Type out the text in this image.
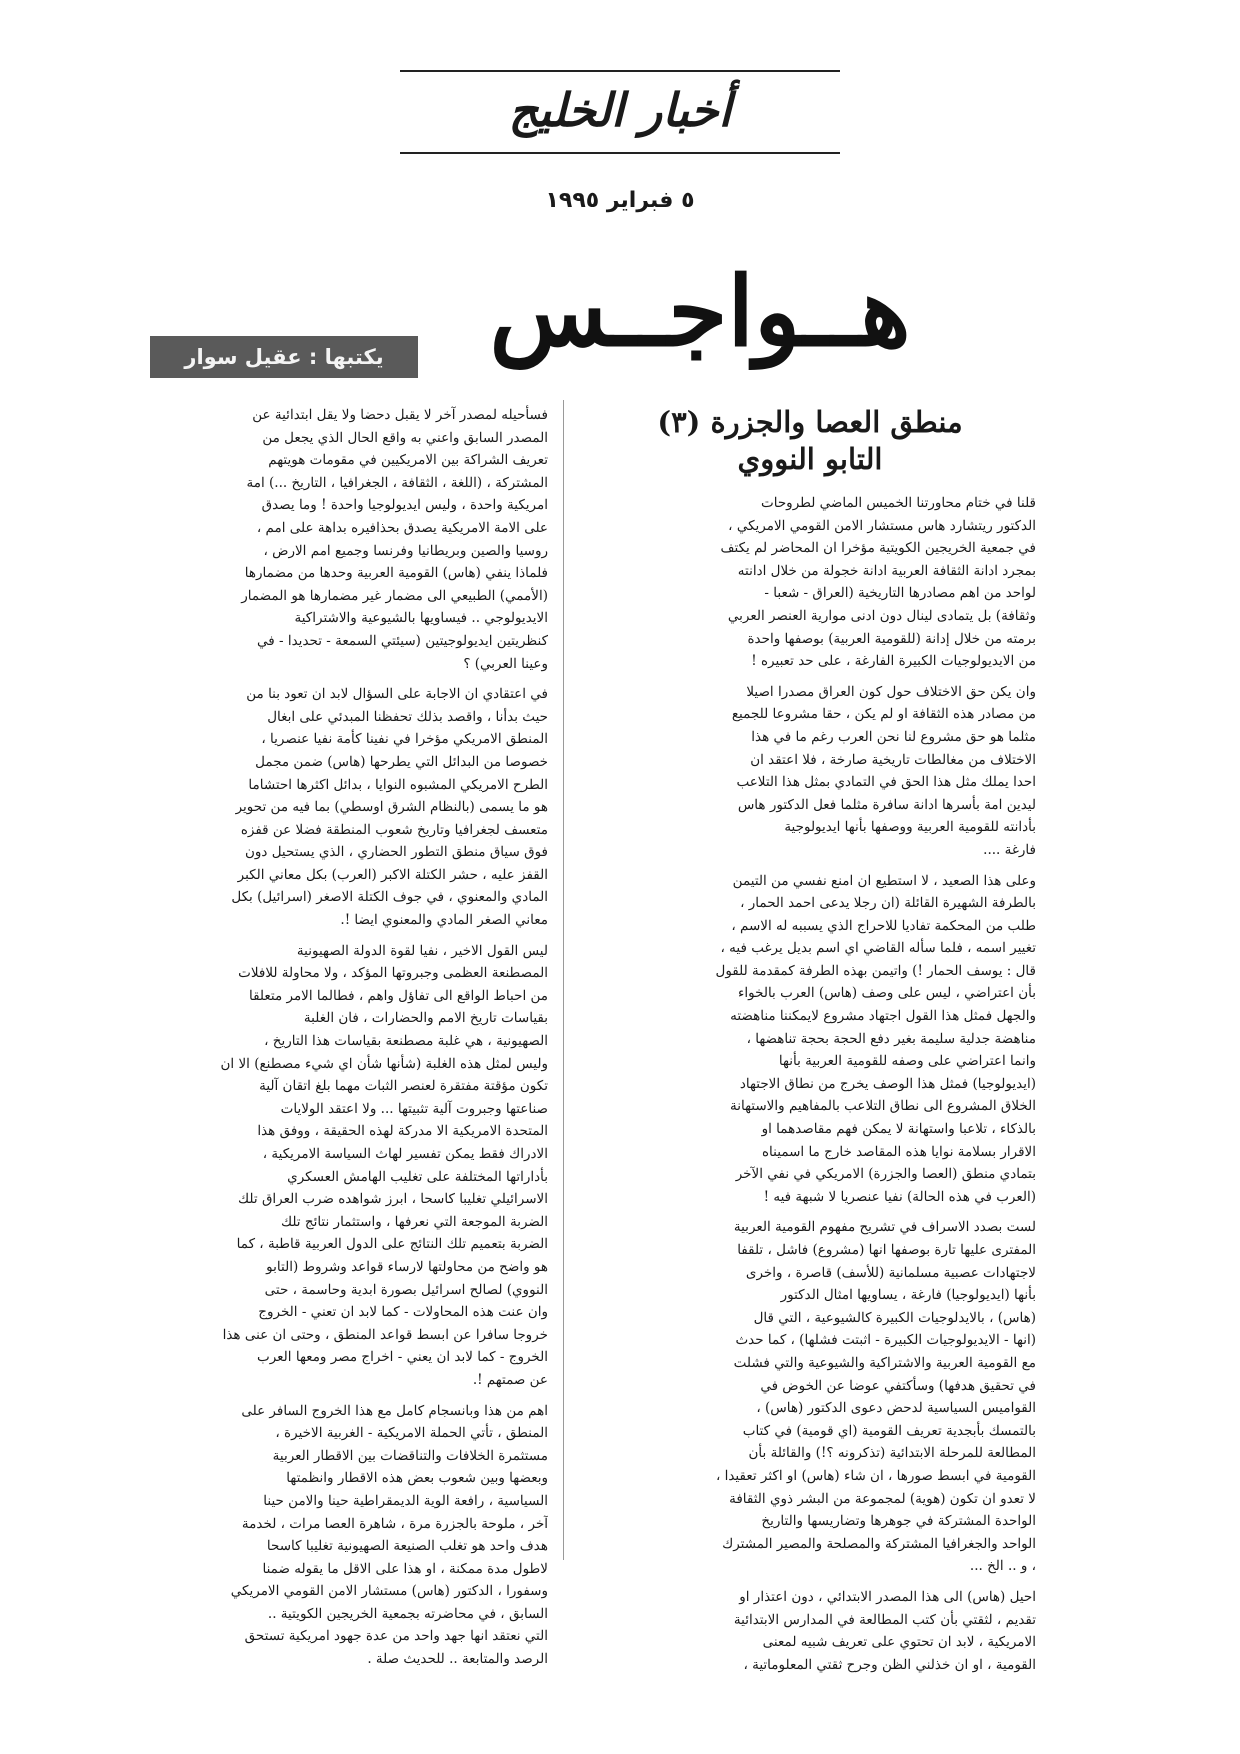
أخبار الخليج
٥ فبراير ١٩٩٥
هــواجــس
يكتبها : عقيل سوار
منطق العصا والجزرة (٣)
التابو النووي
قلنا في ختام محاورتنا الخميس الماضي لطروحات
الدكتور ريتشارد هاس مستشار الامن القومي الامريكي ،
في جمعية الخريجين الكويتية مؤخرا ان المحاضر لم يكتف
بمجرد ادانة الثقافة العربية ادانة خجولة من خلال ادانته
لواحد من اهم مصادرها التاريخية (العراق - شعبا -
وثقافة) بل يتمادى لينال دون ادنى موارية العنصر العربي
برمته من خلال إدانة (للقومية العربية) بوصفها واحدة
من الايديولوجيات الكبيرة الفارغة ، على حد تعبيره !
وان يكن حق الاختلاف حول كون العراق مصدرا اصيلا
من مصادر هذه الثقافة او لم يكن ، حقا مشروعا للجميع
مثلما هو حق مشروع لنا نحن العرب رغم ما في هذا
الاختلاف من مغالطات تاريخية صارخة ، فلا اعتقد ان
احدا يملك مثل هذا الحق في التمادي بمثل هذا التلاعب
ليدين امة بأسرها ادانة سافرة مثلما فعل الدكتور هاس
بأدانته للقومية العربية ووصفها بأنها ايديولوجية
فارغة ....
وعلى هذا الصعيد ، لا استطيع ان امنع نفسي من التيمن
بالطرفة الشهيرة القائلة (ان رجلا يدعى احمد الحمار ،
طلب من المحكمة تفاديا للاحراج الذي يسببه له الاسم ،
تغيير اسمه ، فلما سأله القاضي اي اسم بديل يرغب فيه ،
قال : يوسف الحمار !) واتيمن بهذه الطرفة كمقدمة للقول
بأن اعتراضي ، ليس على وصف (هاس) العرب بالخواء
والجهل فمثل هذا القول اجتهاد مشروع لايمكننا مناهضته
مناهضة جدلية سليمة بغير دفع الحجة بحجة تناهضها ،
وانما اعتراضي على وصفه للقومية العربية بأنها
(ايديولوجيا) فمثل هذا الوصف يخرج من نطاق الاجتهاد
الخلاق المشروع الى نطاق التلاعب بالمفاهيم والاستهانة
بالذكاء ، تلاعبا واستهانة لا يمكن فهم مقاصدهما او
الاقرار بسلامة نوايا هذه المقاصد خارج ما اسميناه
بتمادي منطق (العصا والجزرة) الامريكي في نفي الآخر
(العرب في هذه الحالة) نفيا عنصريا لا شبهة فيه !
لست بصدد الاسراف في تشريح مفهوم القومية العربية
المفترى عليها تارة بوصفها انها (مشروع) فاشل ، تلقفا
لاجتهادات عصبية مسلمانية (للأسف) قاصرة ، واخرى
بأنها (ايديولوجيا) فارغة ، يساويها امثال الدكتور
(هاس) ، بالايدلوجيات الكبيرة كالشيوعية ، التي قال
(انها - الايديولوجيات الكبيرة - اثبتت فشلها) ، كما حدث
مع القومية العربية والاشتراكية والشيوعية والتي فشلت
في تحقيق هدفها) وسأكتفي عوضا عن الخوض في
القواميس السياسية لدحض دعوى الدكتور (هاس) ،
بالتمسك بأبجدية تعريف القومية (اي قومية) في كتاب
المطالعة للمرحلة الابتدائية (تذكرونه ؟!) والقائلة بأن
القومية في ابسط صورها ، ان شاء (هاس) او اكثر تعقيدا ،
لا تعدو ان تكون (هوية) لمجموعة من البشر ذوي الثقافة
الواحدة المشتركة في جوهرها وتضاريسها والتاريخ
الواحد والجغرافيا المشتركة والمصلحة والمصير المشترك
، و .. الخ ...
احيل (هاس) الى هذا المصدر الابتدائي ، دون اعتذار او
تقديم ، لثقتي بأن كتب المطالعة في المدارس الابتدائية
الامريكية ، لابد ان تحتوي على تعريف شبيه لمعنى
القومية ، او ان خذلني الظن وجرح ثقتي المعلوماتية ،
فسأحيله لمصدر آخر لا يقبل دحضا ولا يقل ابتدائية عن
المصدر السابق واعني به واقع الحال الذي يجعل من
تعريف الشراكة بين الامريكيين في مقومات هويتهم
المشتركة ، (اللغة ، الثقافة ، الجغرافيا ، التاريخ ...) امة
امريكية واحدة ، وليس ايديولوجيا واحدة ! وما يصدق
على الامة الامريكية يصدق بحذافيره بداهة على امم ،
روسيا والصين وبريطانيا وفرنسا وجميع امم الارض ،
فلماذا ينفي (هاس) القومية العربية وحدها من مضمارها
(الأممي) الطبيعي الى مضمار غير مضمارها هو المضمار
الايديولوجي .. فيساويها بالشيوعية والاشتراكية
كنظريتين ايديولوجيتين (سيئتي السمعة - تحديدا - في
وعينا العربي) ؟
في اعتقادي ان الاجابة على السؤال لابد ان تعود بنا من
حيث بدأنا ، واقصد بذلك تحفظنا المبدئي على ابغال
المنطق الامريكي مؤخرا في نفينا كأمة نفيا عنصريا ،
خصوصا من البدائل التي يطرحها (هاس) ضمن مجمل
الطرح الامريكي المشبوه النوايا ، بدائل اكثرها احتشاما
هو ما يسمى (بالنظام الشرق اوسطي) بما فيه من تحوير
متعسف لجغرافيا وتاريخ شعوب المنطقة فضلا عن قفزه
فوق سياق منطق التطور الحضاري ، الذي يستحيل دون
القفز عليه ، حشر الكتلة الاكبر (العرب) بكل معاني الكبر
المادي والمعنوي ، في جوف الكتلة الاصغر (اسرائيل) بكل
معاني الصغر المادي والمعنوي ايضا !.
ليس القول الاخير ، نفيا لقوة الدولة الصهيونية
المصطنعة العظمى وجبروتها المؤكد ، ولا محاولة للافلات
من احباط الواقع الى تفاؤل واهم ، فطالما الامر متعلقا
بقياسات تاريخ الامم والحضارات ، فان الغلبة
الصهيونية ، هي غلبة مصطنعة بقياسات هذا التاريخ ،
وليس لمثل هذه الغلبة (شأنها شأن اي شيء مصطنع) الا ان
تكون مؤقتة مفتقرة لعنصر الثبات مهما بلغ اتقان آلية
صناعتها وجبروت آلية تثبيتها ... ولا اعتقد الولايات
المتحدة الامريكية الا مدركة لهذه الحقيقة ، ووفق هذا
الادراك فقط يمكن تفسير لهاث السياسة الامريكية ،
بأداراتها المختلفة على تغليب الهامش العسكري
الاسرائيلي تغليبا كاسحا ، ابرز شواهده ضرب العراق تلك
الضربة الموجعة التي نعرفها ، واستثمار نتائج تلك
الضربة بتعميم تلك النتائج على الدول العربية قاطبة ، كما
هو واضح من محاولتها لارساء قواعد وشروط (التابو
النووي) لصالح اسرائيل بصورة ابدية وحاسمة ، حتى
وان عنت هذه المحاولات - كما لابد ان تعني - الخروج
خروجا سافرا عن ابسط قواعد المنطق ، وحتى ان عنى هذا
الخروج - كما لابد ان يعني - اخراج مصر ومعها العرب
عن صمتهم !.
اهم من هذا وبانسجام كامل مع هذا الخروج السافر على
المنطق ، تأتي الحملة الامريكية - الغربية الاخيرة ،
مستثمرة الخلافات والتناقضات بين الاقطار العربية
وبعضها وبين شعوب بعض هذه الاقطار وانظمتها
السياسية ، رافعة الوية الديمقراطية حينا والامن حينا
آخر ، ملوحة بالجزرة مرة ، شاهرة العصا مرات ، لخدمة
هدف واحد هو تغلب الصنيعة الصهيونية تغليبا كاسحا
لاطول مدة ممكنة ، او هذا على الاقل ما يقوله ضمنا
وسفورا ، الدكتور (هاس) مستشار الامن القومي الامريكي
السابق ، في محاضرته بجمعية الخريجين الكويتية ..
التي نعتقد انها جهد واحد من عدة جهود امريكية تستحق
الرصد والمتابعة .. للحديث صلة .
